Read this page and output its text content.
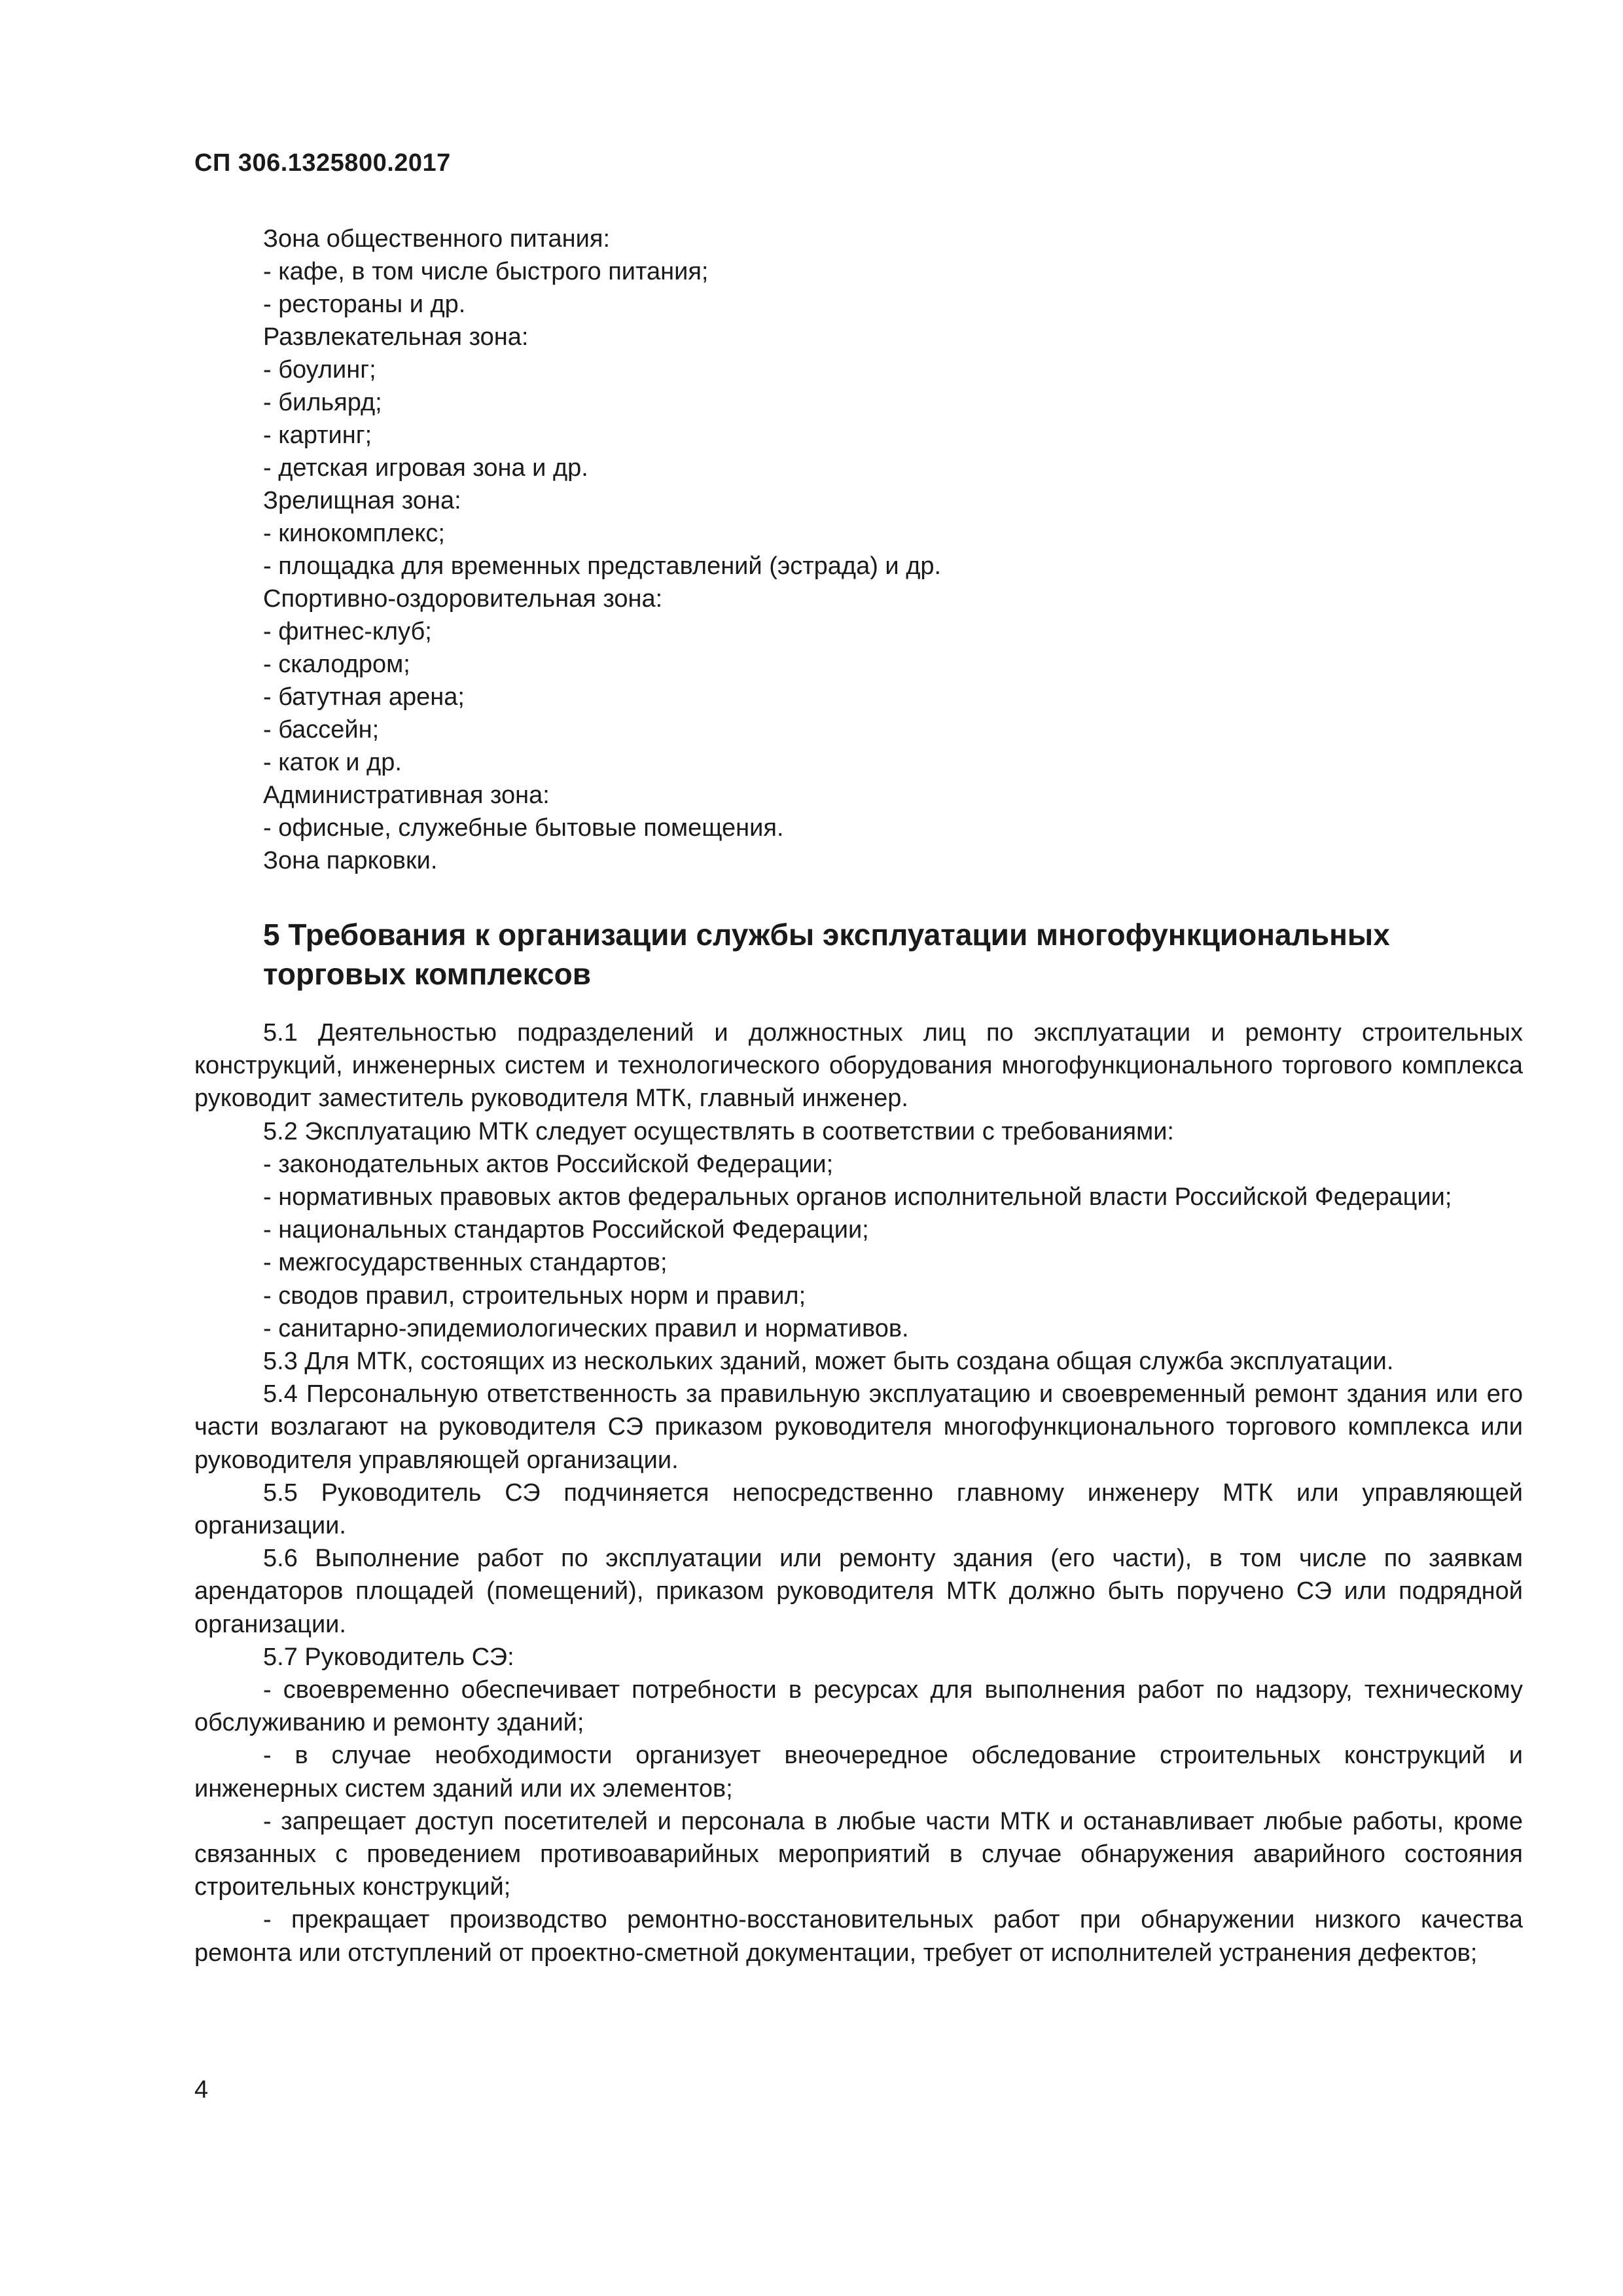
СП 306.1325800.2017
Зона общественного питания:
- кафе, в том числе быстрого питания;
- рестораны и др.
Развлекательная зона:
- боулинг;
- бильярд;
- картинг;
- детская игровая зона и др.
Зрелищная зона:
- кинокомплекс;
- площадка для временных представлений (эстрада) и др.
Спортивно-оздоровительная зона:
- фитнес-клуб;
- скалодром;
- батутная арена;
- бассейн;
- каток и др.
Административная зона:
- офисные, служебные бытовые помещения.
Зона парковки.
5 Требования к организации службы эксплуатации многофункциональных торговых комплексов

5.1 Деятельностью подразделений и должностных лиц по эксплуатации и ремонту строительных конструкций, инженерных систем и технологического оборудования многофункционального торгового комплекса руководит заместитель руководителя МТК, главный инженер.

5.2 Эксплуатацию МТК следует осуществлять в соответствии с требованиями:

- законодательных актов Российской Федерации;

- нормативных правовых актов федеральных органов исполнительной власти Российской Федерации;

- национальных стандартов Российской Федерации;

- межгосударственных стандартов;

- сводов правил, строительных норм и правил;

- санитарно-эпидемиологических правил и нормативов.

5.3 Для МТК, состоящих из нескольких зданий, может быть создана общая служба эксплуатации.

5.4 Персональную ответственность за правильную эксплуатацию и своевременный ремонт здания или его части возлагают на руководителя СЭ приказом руководителя многофункционального торгового комплекса или руководителя управляющей организации.

5.5 Руководитель СЭ подчиняется непосредственно главному инженеру МТК или управляющей организации.

5.6 Выполнение работ по эксплуатации или ремонту здания (его части), в том числе по заявкам арендаторов площадей (помещений), приказом руководителя МТК должно быть поручено СЭ или подрядной организации.

5.7 Руководитель СЭ:

- своевременно обеспечивает потребности в ресурсах для выполнения работ по надзору, техническому обслуживанию и ремонту зданий;

- в случае необходимости организует внеочередное обследование строительных конструкций и инженерных систем зданий или их элементов;

- запрещает доступ посетителей и персонала в любые части МТК и останавливает любые работы, кроме связанных с проведением противоаварийных мероприятий в случае обнаружения аварийного состояния строительных конструкций;

- прекращает производство ремонтно-восстановительных работ при обнаружении низкого качества ремонта или отступлений от проектно-сметной документации, требует от исполнителей устранения дефектов;

4
